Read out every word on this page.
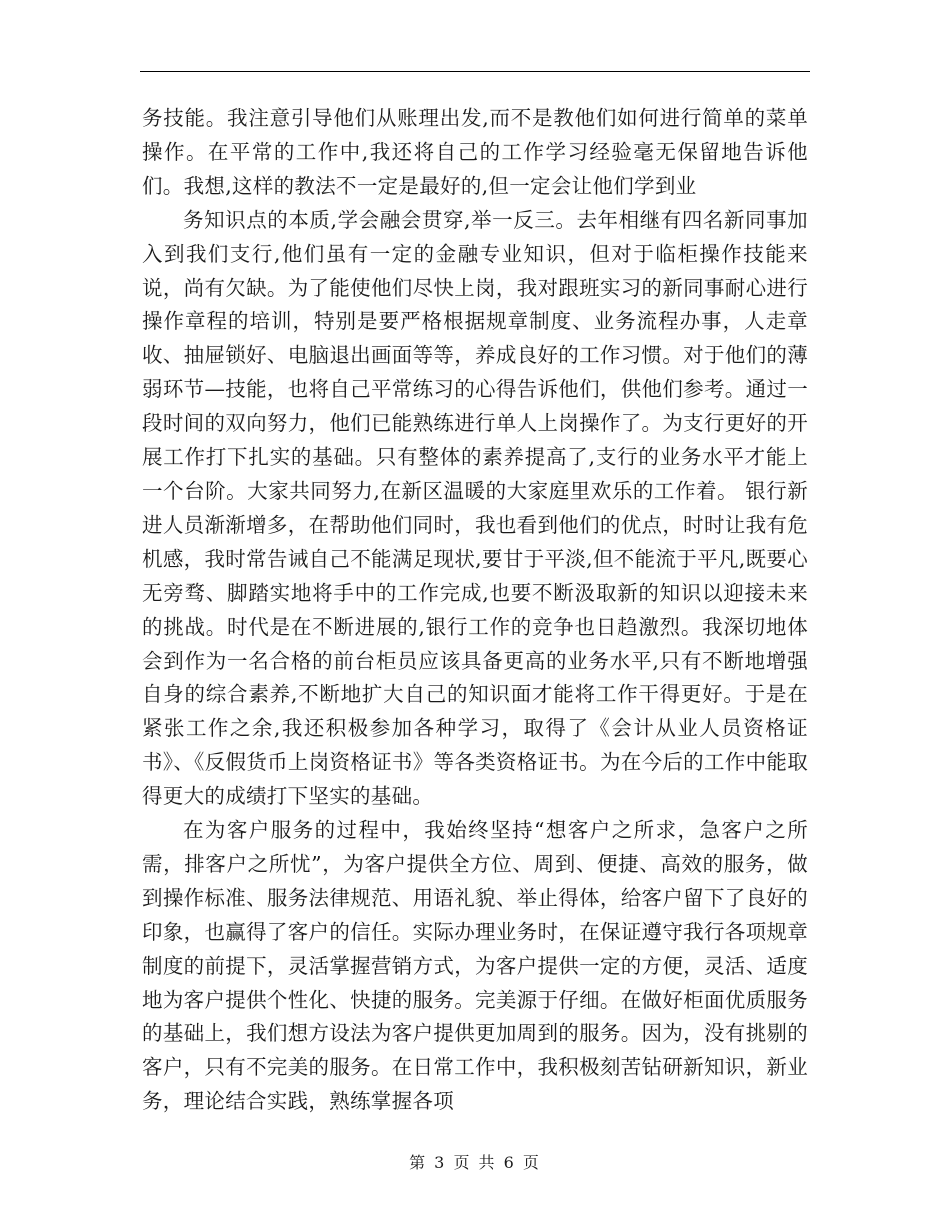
务技能。我注意引导他们从账理出发,而不是教他们如何进行简单的菜单操作。在平常的工作中,我还将自己的工作学习经验毫无保留地告诉他们。我想,这样的教法不一定是最好的,但一定会让他们学到业

务知识点的本质,学会融会贯穿,举一反三。去年相继有四名新同事加入到我们支行,他们虽有一定的金融专业知识，但对于临柜操作技能来说，尚有欠缺。为了能使他们尽快上岗，我对跟班实习的新同事耐心进行操作章程的培训，特别是要严格根据规章制度、业务流程办事，人走章收、抽屉锁好、电脑退出画面等等，养成良好的工作习惯。对于他们的薄弱环节—技能，也将自己平常练习的心得告诉他们，供他们参考。通过一段时间的双向努力，他们已能熟练进行单人上岗操作了。为支行更好的开展工作打下扎实的基础。只有整体的素养提高了,支行的业务水平才能上一个台阶。大家共同努力,在新区温暖的大家庭里欢乐的工作着。 银行新进人员渐渐增多，在帮助他们同时，我也看到他们的优点，时时让我有危机感，我时常告诫自己不能满足现状,要甘于平淡,但不能流于平凡,既要心无旁骛、脚踏实地将手中的工作完成,也要不断汲取新的知识以迎接未来的挑战。时代是在不断进展的,银行工作的竞争也日趋激烈。我深切地体会到作为一名合格的前台柜员应该具备更高的业务水平,只有不断地增强自身的综合素养,不断地扩大自己的知识面才能将工作干得更好。于是在紧张工作之余,我还积极参加各种学习，取得了《会计从业人员资格证书》、《反假货币上岗资格证书》等各类资格证书。为在今后的工作中能取得更大的成绩打下坚实的基础。

在为客户服务的过程中，我始终坚持“想客户之所求，急客户之所需，排客户之所忧”，为客户提供全方位、周到、便捷、高效的服务，做到操作标准、服务法律规范、用语礼貌、举止得体，给客户留下了良好的印象，也赢得了客户的信任。实际办理业务时，在保证遵守我行各项规章制度的前提下，灵活掌握营销方式，为客户提供一定的方便，灵活、适度地为客户提供个性化、快捷的服务。完美源于仔细。在做好柜面优质服务的基础上，我们想方设法为客户提供更加周到的服务。因为，没有挑剔的客户，只有不完美的服务。在日常工作中，我积极刻苦钻研新知识，新业务，理论结合实践，熟练掌握各项

第 3 页 共 6 页
